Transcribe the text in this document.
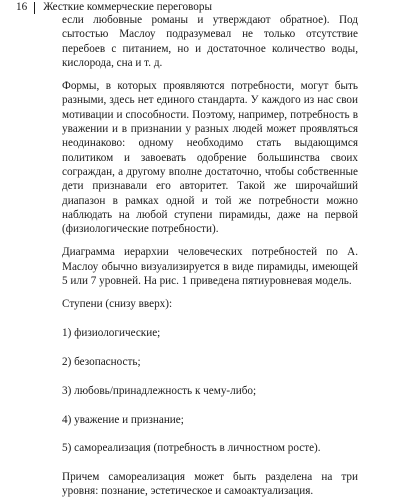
16 Жесткие коммерческие переговоры

если любовные романы и утверждают обратное). Под сытостью Маслоу подразумевал не только отсутствие перебоев с питанием, но и достаточное количество воды, кислорода, сна и т. д.

Формы, в которых проявляются потребности, могут быть разными, здесь нет единого стандарта. У каждого из нас свои мотивации и способности. Поэтому, например, потребность в уважении и в признании у разных людей может проявляться неодинаково: одному необходимо стать выдающимся политиком и завоевать одобрение большинства своих сограждан, а другому вполне достаточно, чтобы собственные дети признавали его авторитет. Такой же широчайший диапазон в рамках одной и той же потребности можно наблюдать на любой ступени пирамиды, даже на первой (физиологические потребности).

Диаграмма иерархии человеческих потребностей по А. Маслоу обычно визуализируется в виде пирамиды, имеющей 5 или 7 уровней. На рис. 1 приведена пятиуровневая модель.

Ступени (снизу вверх):

1) физиологические;

2) безопасность;

3) любовь/принадлежность к чему-либо;

4) уважение и признание;

5) самореализация (потребность в личностном росте).

Причем самореализация может быть разделена на три уровня: познание, эстетическое и самоактуализация.
